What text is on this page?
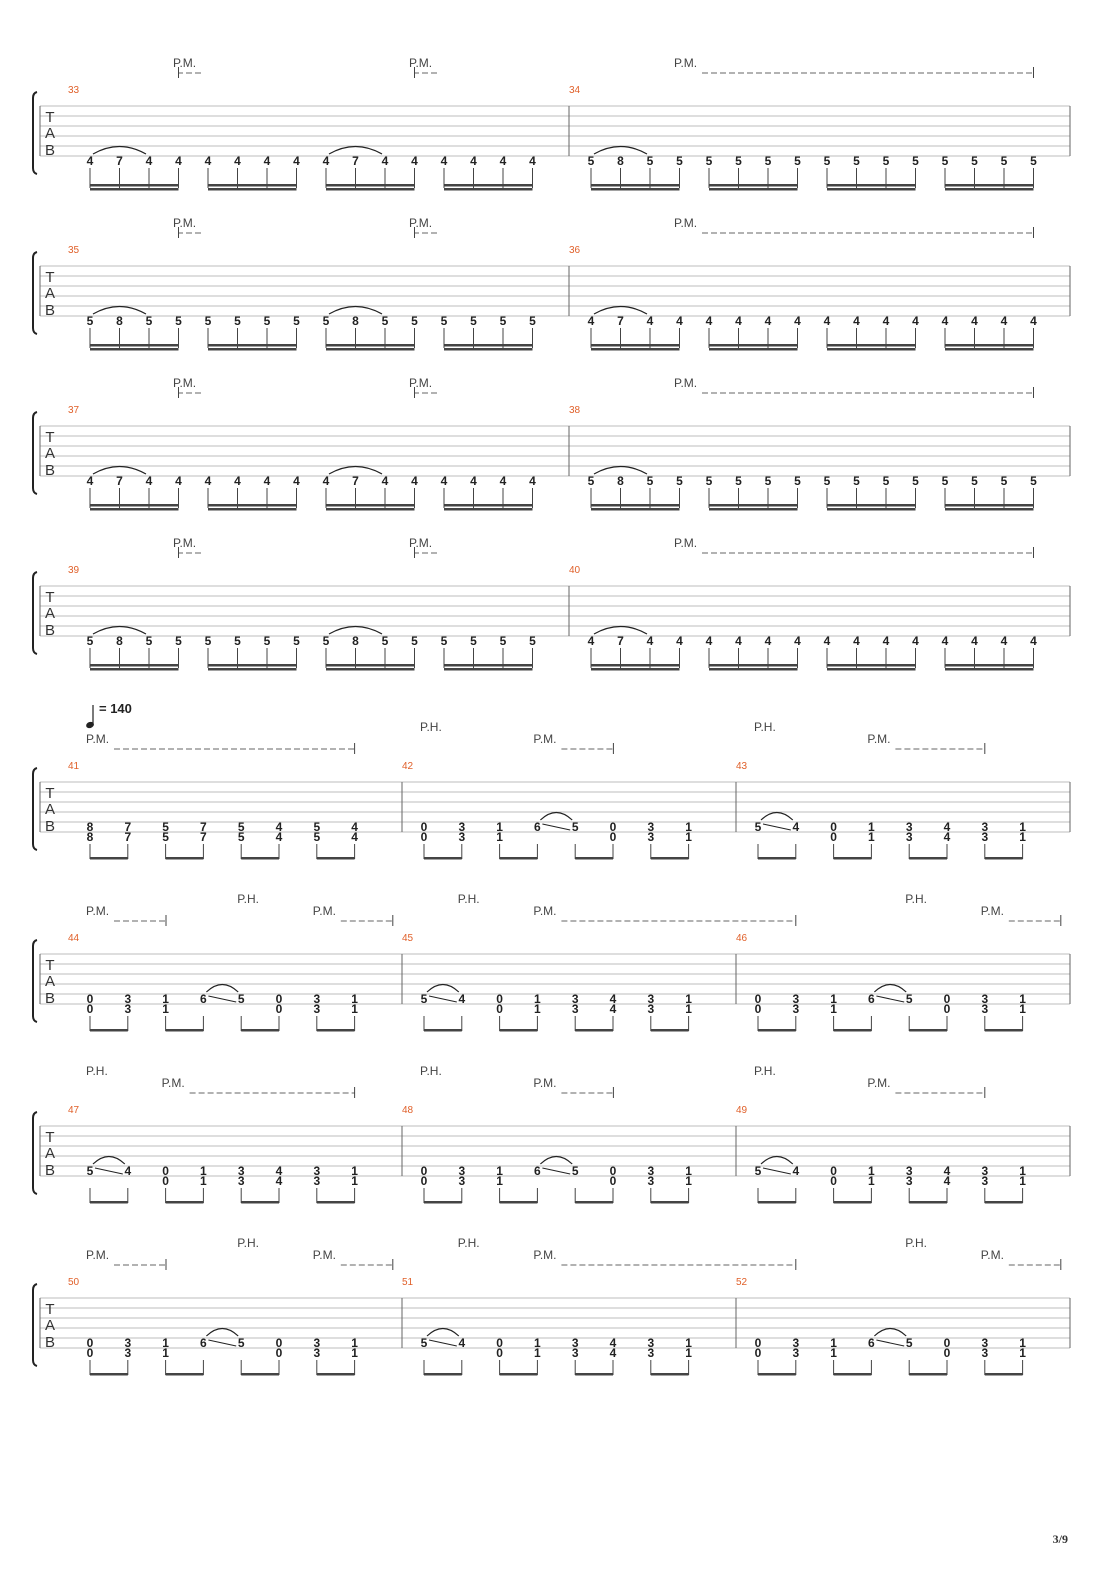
T
A
B
33
4 7 4 4 4 4 4 4 4 7 4 4 4 4 4 4
34
5 8 5 5 5 5 5 5 5 5 5 5 5 5 5 5
P.M.	P.M.	P.M.
T
A
B
35
5 8 5 5 5 5 5 5 5 8 5 5 5 5 5 5
36
4 7 4 4 4 4 4 4 4 4 4 4 4 4 4 4
P.M.	P.M.	P.M.
T
A
B
37
4 7 4 4 4 4 4 4 4 7 4 4 4 4 4 4
38
5 8 5 5 5 5 5 5 5 5 5 5 5 5 5 5
P.M.	P.M.	P.M.
T
A
B
39
5 8 5 5 5 5 5 5 5 8 5 5 5 5 5 5
40
4 7 4 4 4 4 4 4 4 4 4 4 4 4 4 4
P.M.	P.M.	P.M.
T
A
B
= 140
41
8
8
7
7
5
5
7
7
5
5
4
4
5
5
4
4
42
0
0
3
3
1
1
6	5	0
0
3
3
1
1
43
5	4	0
0
1
1
3
3
4
4
3
3
1
1
P.H.	P.H.
P.M.	P.M.	P.M.
T
A
B
44
0
0
3
3
1
1
6	5	0
0
3
3
1
1
45
5	4	0
0
1
1
3
3
4
4
3
3
1
1
46
0
0
3
3
1
1
6	5	0
0
3
3
1
1
P.H.	P.H.	P.H.
P.M.	P.M.	P.M.	P.M.
T
A
B
47
5	4	0
0
1
1
3
3
4
4
3
3
1
1
48
0
0
3
3
1
1
6	5	0
0
3
3
1
1
49
5	4	0
0
1
1
3
3
4
4
3
3
1
1
P.H.	P.H.	P.H.
P.M.	P.M.	P.M.
T
A
B
50
0
0
3
3
1
1
6	5	0
0
3
3
1
1
51
5	4	0
0
1
1
3
3
4
4
3
3
1
1
52
0
0
3
3
1
1
6	5	0
0
3
3
1
1
P.H.	P.H.	P.H.
P.M.	P.M.	P.M.	P.M.
3/9
